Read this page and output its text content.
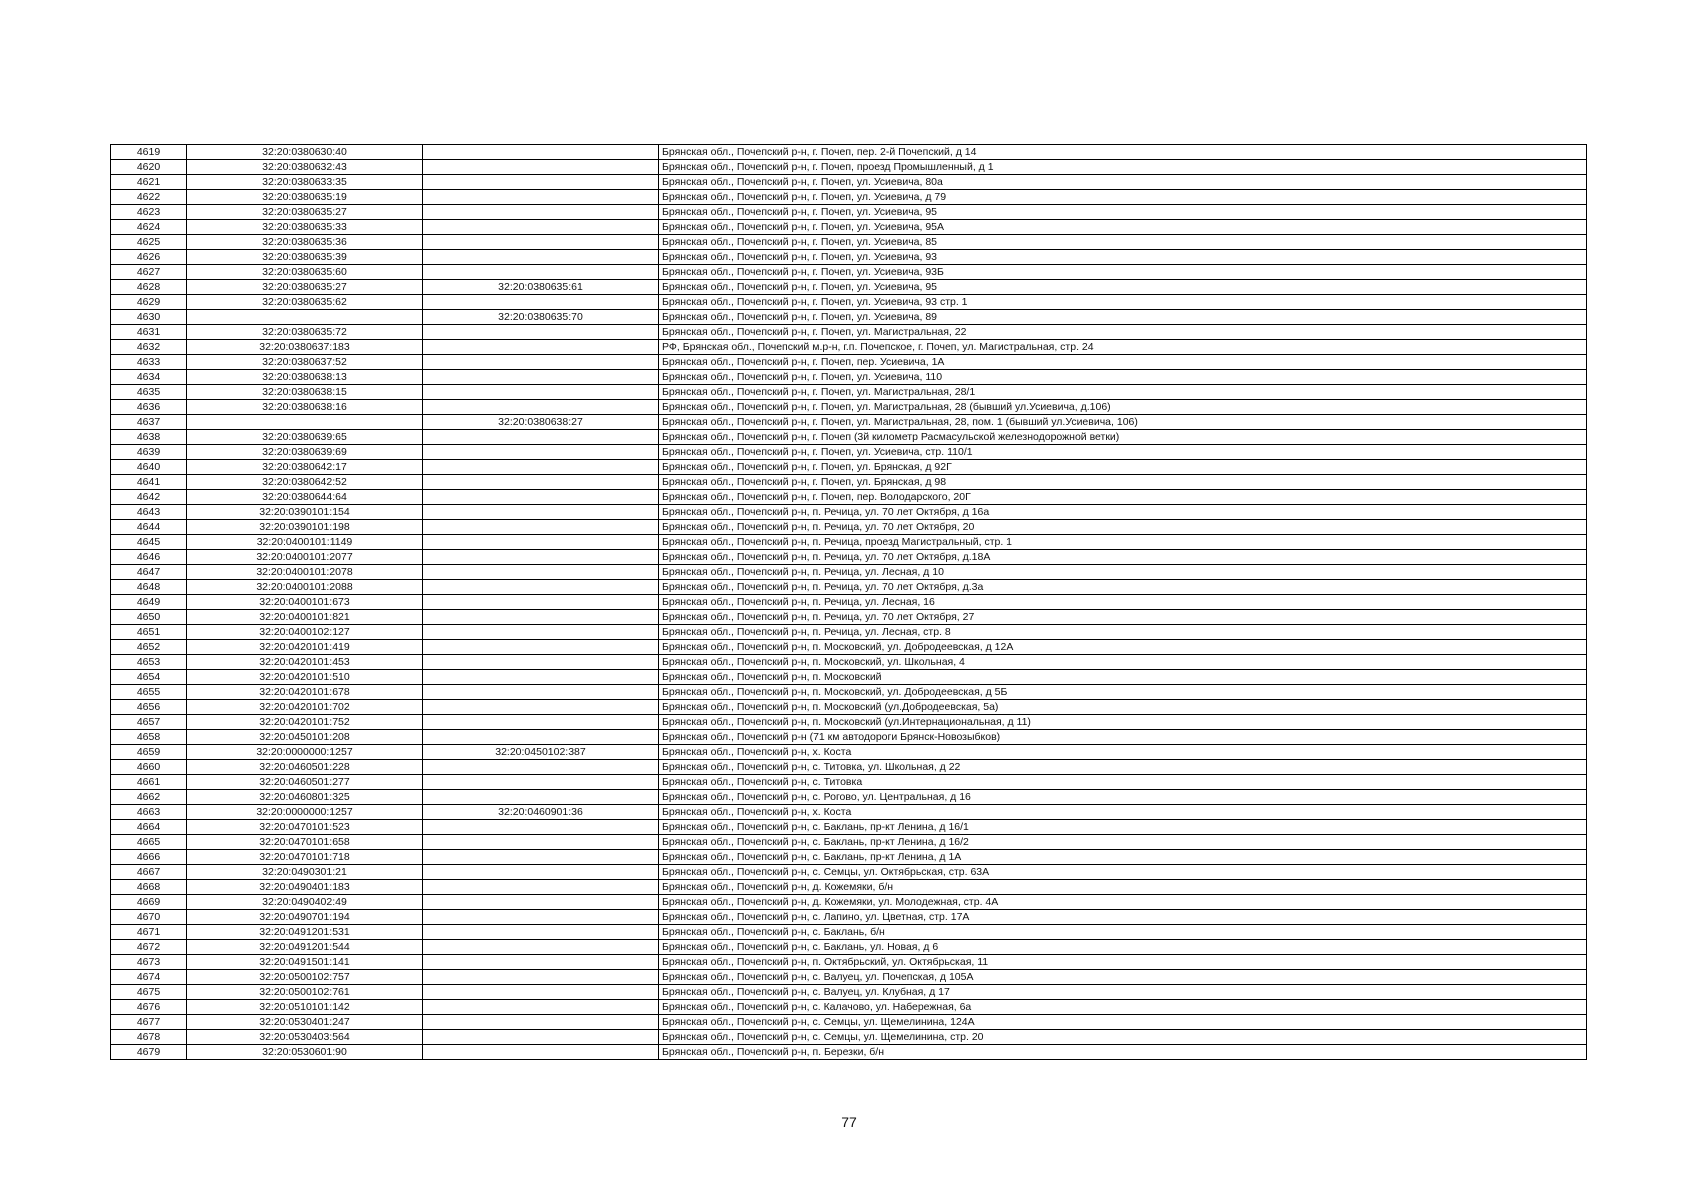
4619	32:20:0380630:40		Брянская обл., Почепский р-н, г. Почеп, пер. 2-й Почепский, д 14
4620	32:20:0380632:43		Брянская обл., Почепский р-н, г. Почеп, проезд Промышленный, д 1
4621	32:20:0380633:35		Брянская обл., Почепский р-н, г. Почеп, ул. Усиевича, 80а
4622	32:20:0380635:19		Брянская обл., Почепский р-н, г. Почеп, ул. Усиевича, д 79
4623	32:20:0380635:27		Брянская обл., Почепский р-н, г. Почеп, ул. Усиевича, 95
4624	32:20:0380635:33		Брянская обл., Почепский р-н, г. Почеп, ул. Усиевича, 95А
4625	32:20:0380635:36		Брянская обл., Почепский р-н, г. Почеп, ул. Усиевича, 85
4626	32:20:0380635:39		Брянская обл., Почепский р-н, г. Почеп, ул. Усиевича, 93
4627	32:20:0380635:60		Брянская обл., Почепский р-н, г. Почеп, ул. Усиевича, 93Б
4628	32:20:0380635:27	32:20:0380635:61	Брянская обл., Почепский р-н, г. Почеп, ул. Усиевича, 95
4629	32:20:0380635:62		Брянская обл., Почепский р-н, г. Почеп, ул. Усиевича, 93 стр. 1
4630		32:20:0380635:70	Брянская обл., Почепский р-н, г. Почеп, ул. Усиевича, 89
4631	32:20:0380635:72		Брянская обл., Почепский р-н, г. Почеп, ул. Магистральная, 22
4632	32:20:0380637:183		РФ, Брянская обл., Почепский м.р-н, г.п. Почепское, г. Почеп, ул. Магистральная, стр. 24
4633	32:20:0380637:52		Брянская обл., Почепский р-н, г. Почеп, пер. Усиевича, 1А
4634	32:20:0380638:13		Брянская обл., Почепский р-н, г. Почеп, ул. Усиевича, 110
4635	32:20:0380638:15		Брянская обл., Почепский р-н, г. Почеп, ул. Магистральная, 28/1
4636	32:20:0380638:16		Брянская обл., Почепский р-н, г. Почеп, ул. Магистральная, 28 (бывший ул.Усиевича, д.106)
4637		32:20:0380638:27	Брянская обл., Почепский р-н, г. Почеп, ул. Магистральная, 28, пом. 1 (бывший ул.Усиевича, 106)
4638	32:20:0380639:65		Брянская обл., Почепский р-н, г. Почеп (3й километр Расмасульской железнодорожной ветки)
4639	32:20:0380639:69		Брянская обл., Почепский р-н, г. Почеп, ул. Усиевича, стр. 110/1
4640	32:20:0380642:17		Брянская обл., Почепский р-н, г. Почеп, ул. Брянская, д 92Г
4641	32:20:0380642:52		Брянская обл., Почепский р-н, г. Почеп, ул. Брянская, д 98
4642	32:20:0380644:64		Брянская обл., Почепский р-н, г. Почеп, пер. Володарского, 20Г
4643	32:20:0390101:154		Брянская обл., Почепский р-н, п. Речица, ул. 70 лет Октября, д 16а
4644	32:20:0390101:198		Брянская обл., Почепский р-н, п. Речица, ул. 70 лет Октября, 20
4645	32:20:0400101:1149		Брянская обл., Почепский р-н, п. Речица, проезд Магистральный, стр. 1
4646	32:20:0400101:2077		Брянская обл., Почепский р-н, п. Речица, ул. 70 лет Октября, д.18А
4647	32:20:0400101:2078		Брянская обл., Почепский р-н, п. Речица, ул. Лесная, д 10
4648	32:20:0400101:2088		Брянская обл., Почепский р-н, п. Речица, ул. 70 лет Октября, д.3а
4649	32:20:0400101:673		Брянская обл., Почепский р-н, п. Речица, ул. Лесная, 16
4650	32:20:0400101:821		Брянская обл., Почепский р-н, п. Речица, ул. 70 лет Октября, 27
4651	32:20:0400102:127		Брянская обл., Почепский р-н, п. Речица, ул. Лесная, стр. 8
4652	32:20:0420101:419		Брянская обл., Почепский р-н, п. Московский, ул. Добродеевская, д 12А
4653	32:20:0420101:453		Брянская обл., Почепский р-н, п. Московский, ул. Школьная, 4
4654	32:20:0420101:510		Брянская обл., Почепский р-н, п. Московский
4655	32:20:0420101:678		Брянская обл., Почепский р-н, п. Московский, ул. Добродеевская, д 5Б
4656	32:20:0420101:702		Брянская обл., Почепский р-н, п. Московский (ул.Добродеевская, 5а)
4657	32:20:0420101:752		Брянская обл., Почепский р-н, п. Московский (ул.Интернациональная, д 11)
4658	32:20:0450101:208		Брянская обл., Почепский р-н (71 км автодороги Брянск-Новозыбков)
4659	32:20:0000000:1257	32:20:0450102:387	Брянская обл., Почепский р-н, х. Коста
4660	32:20:0460501:228		Брянская обл., Почепский р-н, с. Титовка, ул. Школьная, д 22
4661	32:20:0460501:277		Брянская обл., Почепский р-н, с. Титовка
4662	32:20:0460801:325		Брянская обл., Почепский р-н, с. Рогово, ул. Центральная, д 16
4663	32:20:0000000:1257	32:20:0460901:36	Брянская обл., Почепский р-н, х. Коста
4664	32:20:0470101:523		Брянская обл., Почепский р-н, с. Баклань, пр-кт Ленина, д 16/1
4665	32:20:0470101:658		Брянская обл., Почепский р-н, с. Баклань, пр-кт Ленина, д 16/2
4666	32:20:0470101:718		Брянская обл., Почепский р-н, с. Баклань, пр-кт Ленина, д 1А
4667	32:20:0490301:21		Брянская обл., Почепский р-н, с. Семцы, ул. Октябрьская, стр. 63А
4668	32:20:0490401:183		Брянская обл., Почепский р-н, д. Кожемяки, б/н
4669	32:20:0490402:49		Брянская обл., Почепский р-н, д. Кожемяки, ул. Молодежная, стр. 4А
4670	32:20:0490701:194		Брянская обл., Почепский р-н, с. Лапино, ул. Цветная, стр. 17А
4671	32:20:0491201:531		Брянская обл., Почепский р-н, с. Баклань, б/н
4672	32:20:0491201:544		Брянская обл., Почепский р-н, с. Баклань, ул. Новая, д 6
4673	32:20:0491501:141		Брянская обл., Почепский р-н, п. Октябрьский, ул. Октябрьская, 11
4674	32:20:0500102:757		Брянская обл., Почепский р-н, с. Валуец, ул. Почепская, д 105А
4675	32:20:0500102:761		Брянская обл., Почепский р-н, с. Валуец, ул. Клубная, д 17
4676	32:20:0510101:142		Брянская обл., Почепский р-н, с. Калачово, ул. Набережная, 6а
4677	32:20:0530401:247		Брянская обл., Почепский р-н, с. Семцы, ул. Щемелинина, 124А
4678	32:20:0530403:564		Брянская обл., Почепский р-н, с. Семцы, ул. Щемелинина, стр. 20
4679	32:20:0530601:90		Брянская обл., Почепский р-н, п. Березки, б/н
77
